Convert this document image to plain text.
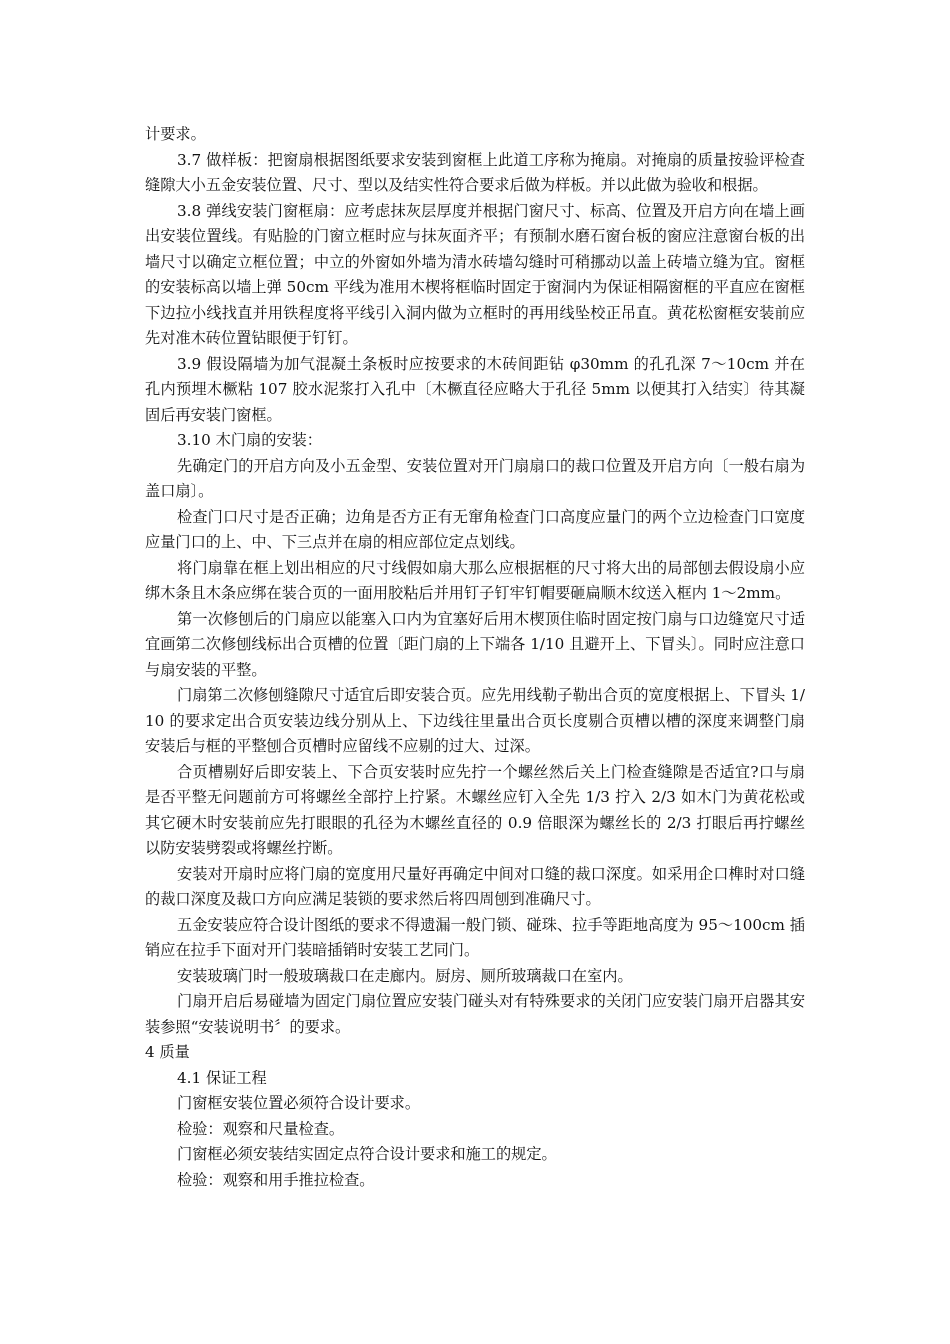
计要求。

3.7 做样板：把窗扇根据图纸要求安装到窗框上此道工序称为掩扇。对掩扇的质量按验评检查缝隙大小五金安装位置、尺寸、型以及结实性符合要求后做为样板。并以此做为验收和根据。

3.8 弹线安装门窗框扇：应考虑抹灰层厚度并根据门窗尺寸、标高、位置及开启方向在墙上画出安装位置线。有贴脸的门窗立框时应与抹灰面齐平；有预制水磨石窗台板的窗应注意窗台板的出墙尺寸以确定立框位置；中立的外窗如外墙为清水砖墙勾缝时可稍挪动以盖上砖墙立缝为宜。窗框的安装标高以墙上弹 50cm 平线为准用木楔将框临时固定于窗洞内为保证相隔窗框的平直应在窗框下边拉小线找直并用铁程度将平线引入洞内做为立框时的再用线坠校正吊直。黄花松窗框安装前应先对准木砖位置钻眼便于钉钉。

3.9 假设隔墙为加气混凝土条板时应按要求的木砖间距钻 φ30mm 的孔孔深 7～10cm 并在孔内预埋木橛粘 107 胶水泥浆打入孔中〔木橛直径应略大于孔径 5mm 以便其打入结实〕待其凝固后再安装门窗框。

3.10 木门扇的安装：

先确定门的开启方向及小五金型、安装位置对开门扇扇口的裁口位置及开启方向〔一般右扇为盖口扇〕。

检查门口尺寸是否正确；边角是否方正有无窜角检查门口高度应量门的两个立边检查门口宽度应量门口的上、中、下三点并在扇的相应部位定点划线。

将门扇靠在框上划出相应的尺寸线假如扇大那么应根据框的尺寸将大出的局部刨去假设扇小应绑木条且木条应绑在装合页的一面用胶粘后并用钉子钉牢钉帽要砸扁顺木纹送入框内 1～2mm。

第一次修刨后的门扇应以能塞入口内为宜塞好后用木楔顶住临时固定按门扇与口边缝宽尺寸适宜画第二次修刨线标出合页槽的位置〔距门扇的上下端各 1/10 且避开上、下冒头〕。同时应注意口与扇安装的平整。

门扇第二次修刨缝隙尺寸适宜后即安装合页。应先用线勒子勒出合页的宽度根据上、下冒头 1/10 的要求定出合页安装边线分别从上、下边线往里量出合页长度剔合页槽以槽的深度来调整门扇安装后与框的平整刨合页槽时应留线不应剔的过大、过深。

合页槽剔好后即安装上、下合页安装时应先拧一个螺丝然后关上门检查缝隙是否适宜?口与扇是否平整无问题前方可将螺丝全部拧上拧紧。木螺丝应钉入全先 1/3 拧入 2/3 如木门为黄花松或其它硬木时安装前应先打眼眼的孔径为木螺丝直径的 0.9 倍眼深为螺丝长的 2/3 打眼后再拧螺丝以防安装劈裂或将螺丝拧断。

安装对开扇时应将门扇的宽度用尺量好再确定中间对口缝的裁口深度。如采用企口榫时对口缝的裁口深度及裁口方向应满足装锁的要求然后将四周刨到准确尺寸。

五金安装应符合设计图纸的要求不得遗漏一般门锁、碰珠、拉手等距地高度为 95～100cm 插销应在拉手下面对开门装暗插销时安装工艺同门。

安装玻璃门时一般玻璃裁口在走廊内。厨房、厕所玻璃裁口在室内。

门扇开启后易碰墙为固定门扇位置应安装门碰头对有特殊要求的关闭门应安装门扇开启器其安装参照“安装说明书〞的要求。

4 质量

4.1 保证工程

门窗框安装位置必须符合设计要求。

检验：观察和尺量检查。

门窗框必须安装结实固定点符合设计要求和施工的规定。

检验：观察和用手推拉检查。
